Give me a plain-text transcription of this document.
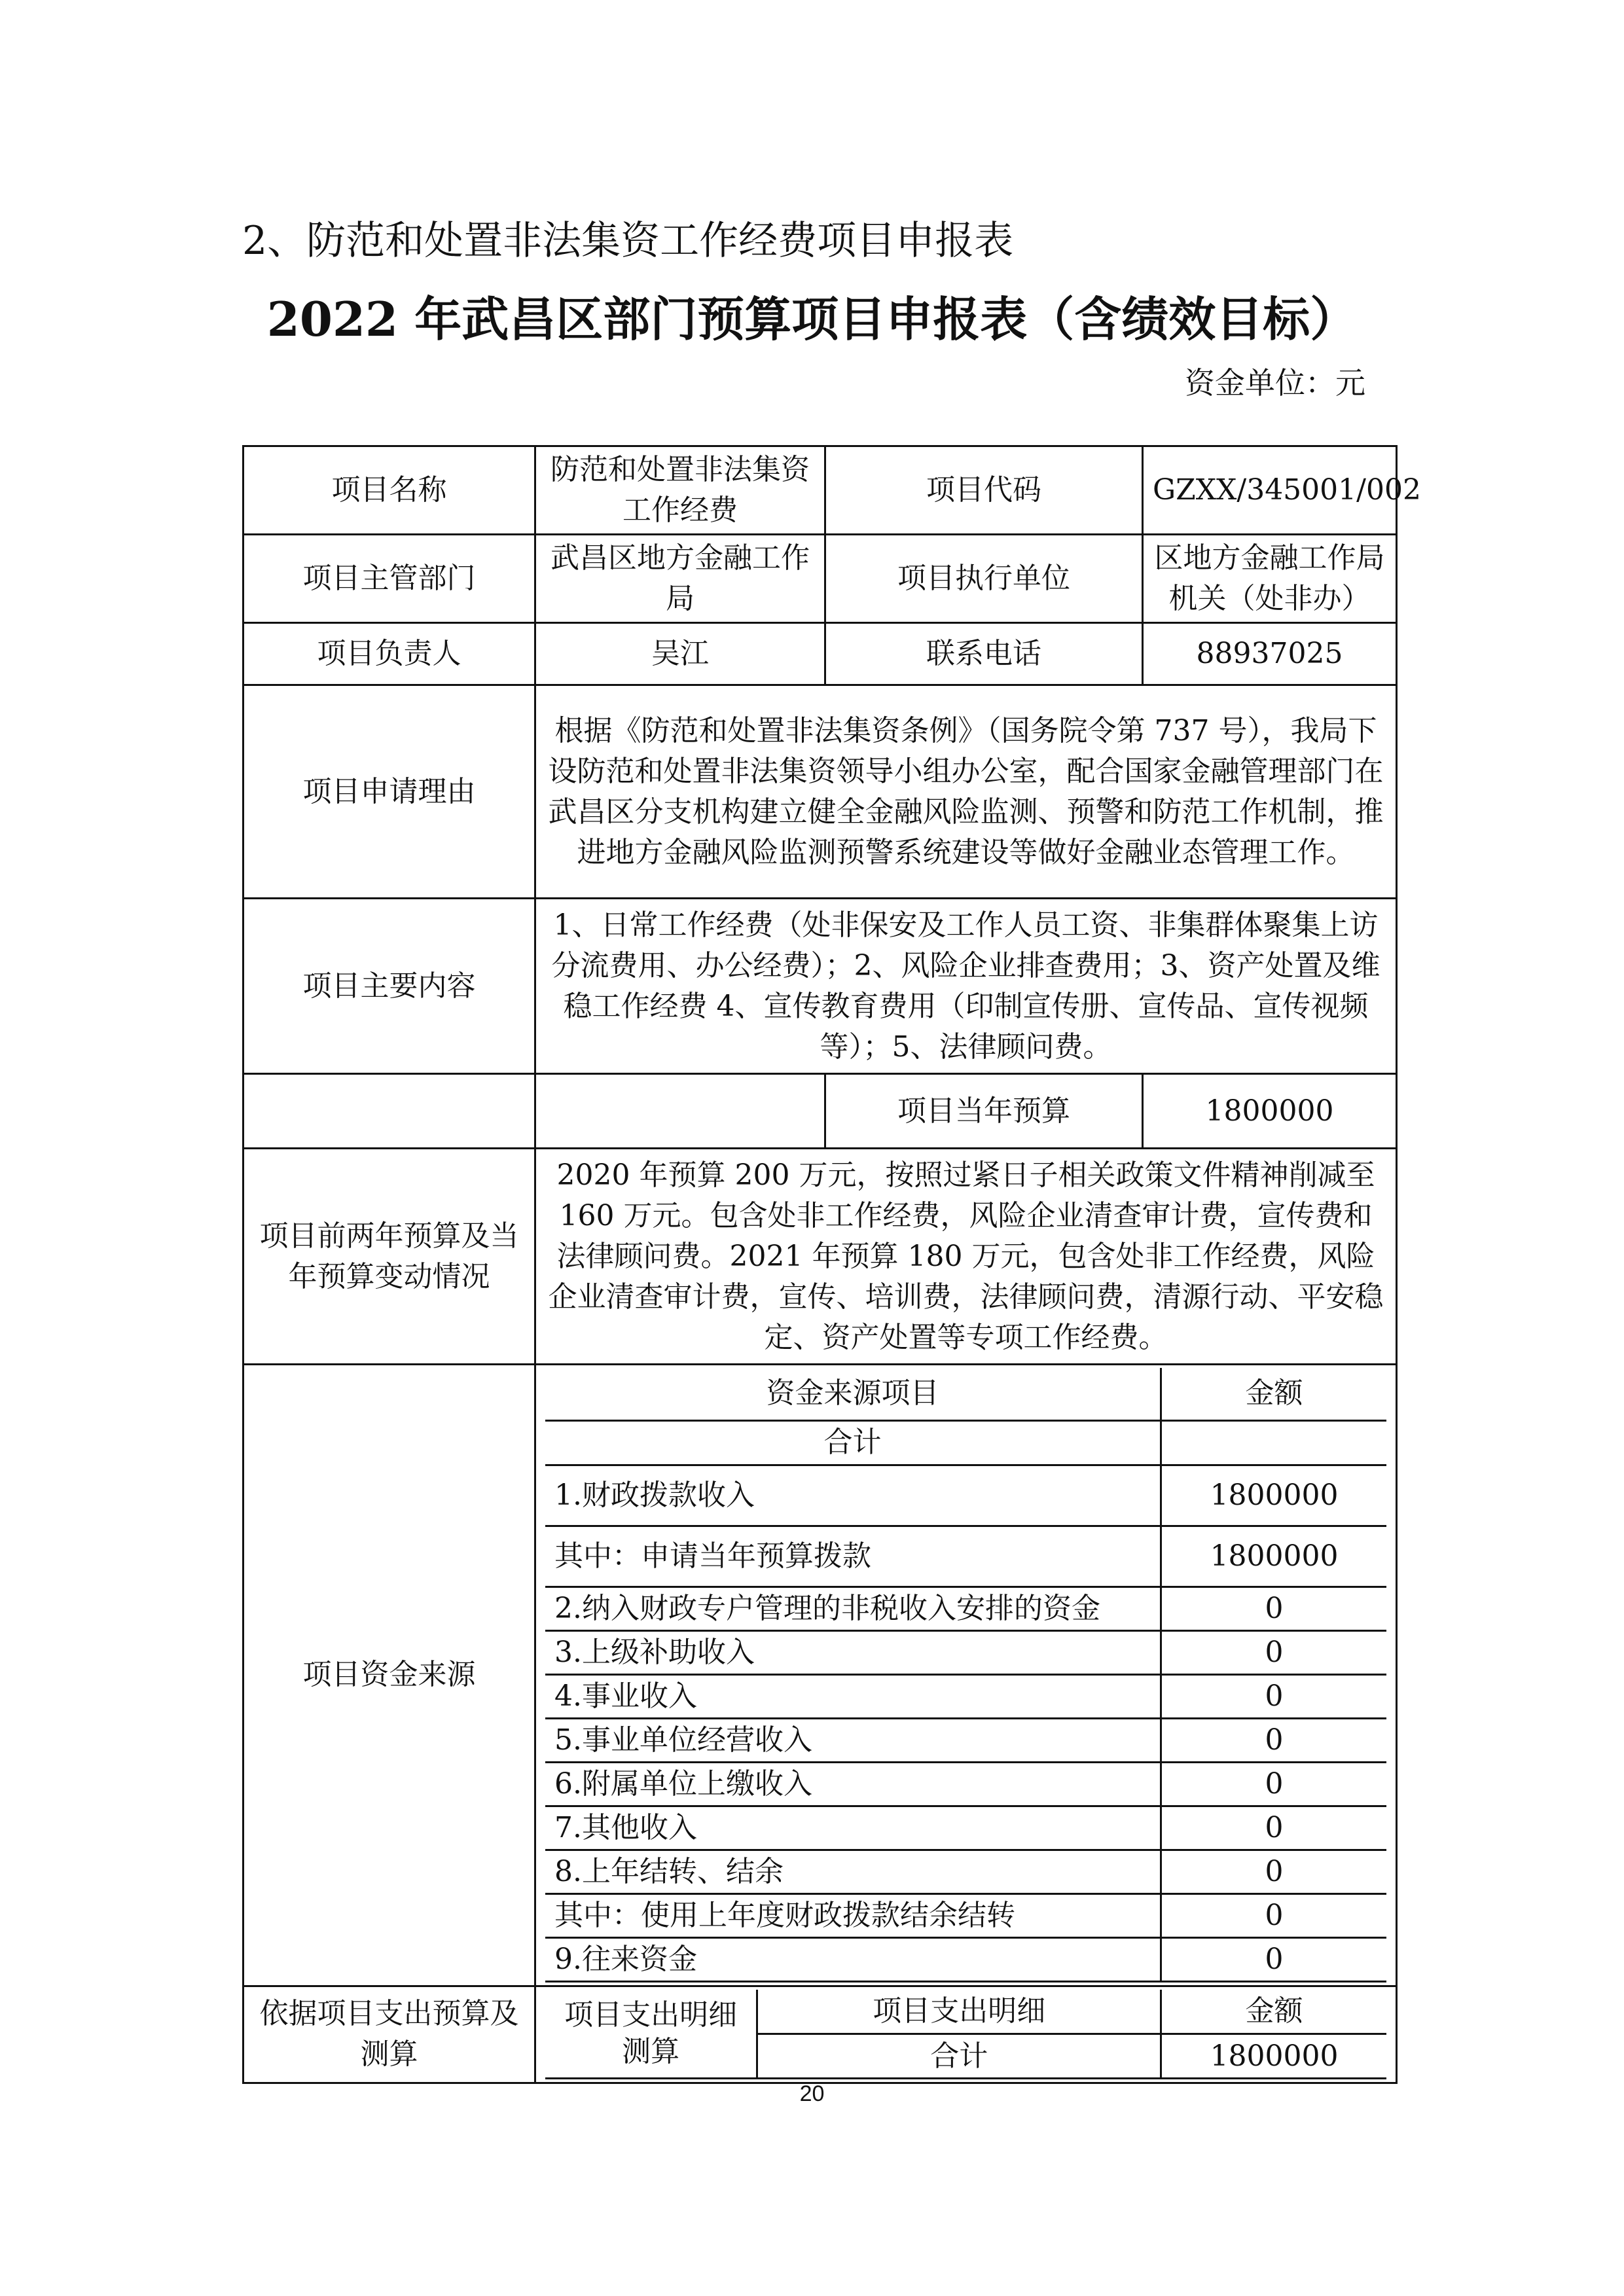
2、防范和处置非法集资工作经费项目申报表
2022 年武昌区部门预算项目申报表（含绩效目标）
资金单位：元
项目名称	防范和处置非法集资工作经费	项目代码	GZXX/345001/002
项目主管部门	武昌区地方金融工作局	项目执行单位	区地方金融工作局机关（处非办）
项目负责人	吴江	联系电话	88937025
项目申请理由	根据《防范和处置非法集资条例》（国务院令第 737 号），我局下设防范和处置非法集资领导小组办公室，配合国家金融管理部门在武昌区分支机构建立健全金融风险监测、预警和防范工作机制，推进地方金融风险监测预警系统建设等做好金融业态管理工作。
项目主要内容	1、日常工作经费（处非保安及工作人员工资、非集群体聚集上访分流费用、办公经费）；2、风险企业排查费用；3、资产处置及维稳工作经费 4、宣传教育费用（印制宣传册、宣传品、宣传视频等）；5、法律顾问费。
		项目当年预算	1800000
项目前两年预算及当年预算变动情况	2020 年预算 200 万元，按照过紧日子相关政策文件精神削减至 160 万元。包含处非工作经费，风险企业清查审计费，宣传费和法律顾问费。2021 年预算 180 万元，包含处非工作经费，风险企业清查审计费，宣传、培训费，法律顾问费，清源行动、平安稳定、资产处置等专项工作经费。
项目资金来源	
资金来源项目	金额
合计	
1.财政拨款收入	1800000
其中：申请当年预算拨款	1800000
2.纳入财政专户管理的非税收入安排的资金	0
3.上级补助收入	0
4.事业收入	0
5.事业单位经营收入	0
6.附属单位上缴收入	0
7.其他收入	0
8.上年结转、结余	0
其中：使用上年度财政拨款结余结转	0
9.往来资金	0

依据项目支出预算及测算	
项目支出明细测算	项目支出明细	金额
合计	1800000
20
